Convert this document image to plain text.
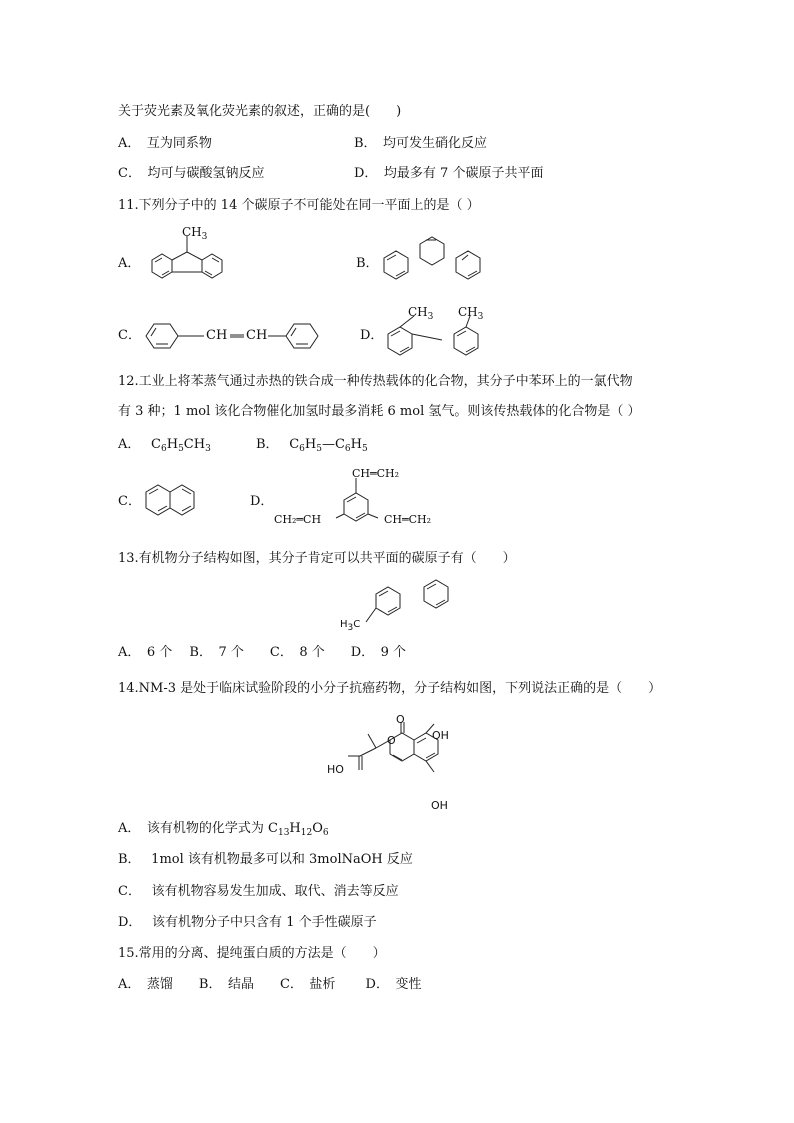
关于荧光素及氧化荧光素的叙述，正确的是(　　)
A．　互为同系物	B．　均可发生硝化反应
C．　均可与碳酸氢钠反应	D．　均最多有 7 个碳原子共平面
11.下列分子中的 14 个碳原子不可能处在同一平面上的是（ ）
A．
$CH_3$
B．
C．	CH CH	D．
$CH_3$ $CH_3$
12.工业上将苯蒸气通过赤热的铁合成一种传热载体的化合物，其分子中苯环上的一氯代物
有 3 种；1 mol 该化合物催化加氢时最多消耗 6 mol 氢气。则该传热载体的化合物是（ ）
A．　 $C_6H_5CH_3$	B．　 $C_6H_5—C_6H_5$
C．	D．
CH═CH₂
CH₂═CH	CH═CH₂
13.有机物分子结构如图，其分子肯定可以共平面的碳原子有（　　）
$H_3C$
A．　6 个　 B．　7 个　　C．　8 个　　D．　9 个
14.NM-3 是处于临床试验阶段的小分子抗癌药物，分子结构如图，下列说法正确的是（　　）
O
OH
O
HO
OH
A．　该有机物的化学式为 $C_{13}H_{12}O_6$
B．　 1mol 该有机物最多可以和 3molNaOH 反应
C．　 该有机物容易发生加成、取代、消去等反应
D．　 该有机物分子中只含有 1 个手性碳原子
15.常用的分离、提纯蛋白质的方法是（　　）
A．　蒸馏　　B．　结晶　　C．　盐析　　 D．　变性
